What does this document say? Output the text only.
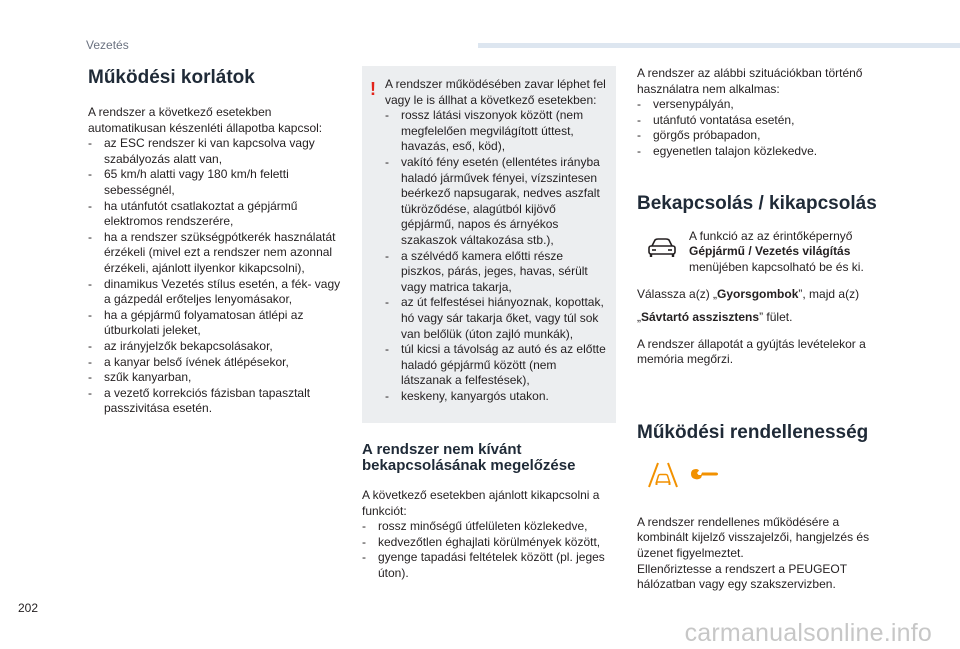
Vezetés
Működési korlátok

A rendszer a következő esetekben automatikusan készenléti állapotba kapcsol:

- az ESC rendszer ki van kapcsolva vagy szabályozás alatt van,
- 65 km/h alatti vagy 180 km/h feletti sebességnél,
- ha utánfutót csatlakoztat a gépjármű elektromos rendszerére,
- ha a rendszer szükségpótkerék használatát érzékeli (mivel ezt a rendszer nem azonnal érzékeli, ajánlott ilyenkor kikapcsolni),
- dinamikus Vezetés stílus esetén, a fék- vagy a gázpedál erőteljes lenyomásakor,
- ha a gépjármű folyamatosan átlépi az útburkolati jeleket,
- az irányjelzők bekapcsolásakor,
- a kanyar belső ívének átlépésekor,
- szűk kanyarban,
- a vezető korrekciós fázisban tapasztalt passzivitása esetén.
! A rendszer működésében zavar léphet fel vagy le is állhat a következő esetekben:

- rossz látási viszonyok között (nem megfelelően megvilágított úttest, havazás, eső, köd),
- vakító fény esetén (ellentétes irányba haladó járművek fényei, vízszintesen beérkező napsugarak, nedves aszfalt tükröződése, alagútból kijövő gépjármű, napos és árnyékos szakaszok váltakozása stb.),
- a szélvédő kamera előtti része piszkos, párás, jeges, havas, sérült vagy matrica takarja,
- az út felfestései hiányoznak, kopottak, hó vagy sár takarja őket, vagy túl sok van belőlük (úton zajló munkák),
- túl kicsi a távolság az autó és az előtte haladó gépjármű között (nem látszanak a felfestések),
- keskeny, kanyargós utakon.
A rendszer nem kívánt bekapcsolásának megelőzése

A következő esetekben ajánlott kikapcsolni a funkciót:

- rossz minőségű útfelületen közlekedve,
- kedvezőtlen éghajlati körülmények között,
- gyenge tapadási feltételek között (pl. jeges úton).

A rendszer az alábbi szituációkban történő használatra nem alkalmas:

- versenypályán,
- utánfutó vontatása esetén,
- görgős próbapadon,
- egyenetlen talajon közlekedve.
Bekapcsolás / kikapcsolás

A funkció az az érintőképernyő Gépjármű / Vezetés világítás menüjében kapcsolható be és ki.

Válassza a(z) „Gyorsgombok”, majd a(z)

„Sávtartó asszisztens” fület.

A rendszer állapotát a gyújtás levételekor a memória megőrzi.

Működési rendellenesség

A rendszer rendellenes működésére a kombinált kijelző visszajelzői, hangjelzés és üzenet figyelmeztet.

Ellenőriztesse a rendszert a PEUGEOT hálózatban vagy egy szakszervizben.

202
carmanualsonline.info
